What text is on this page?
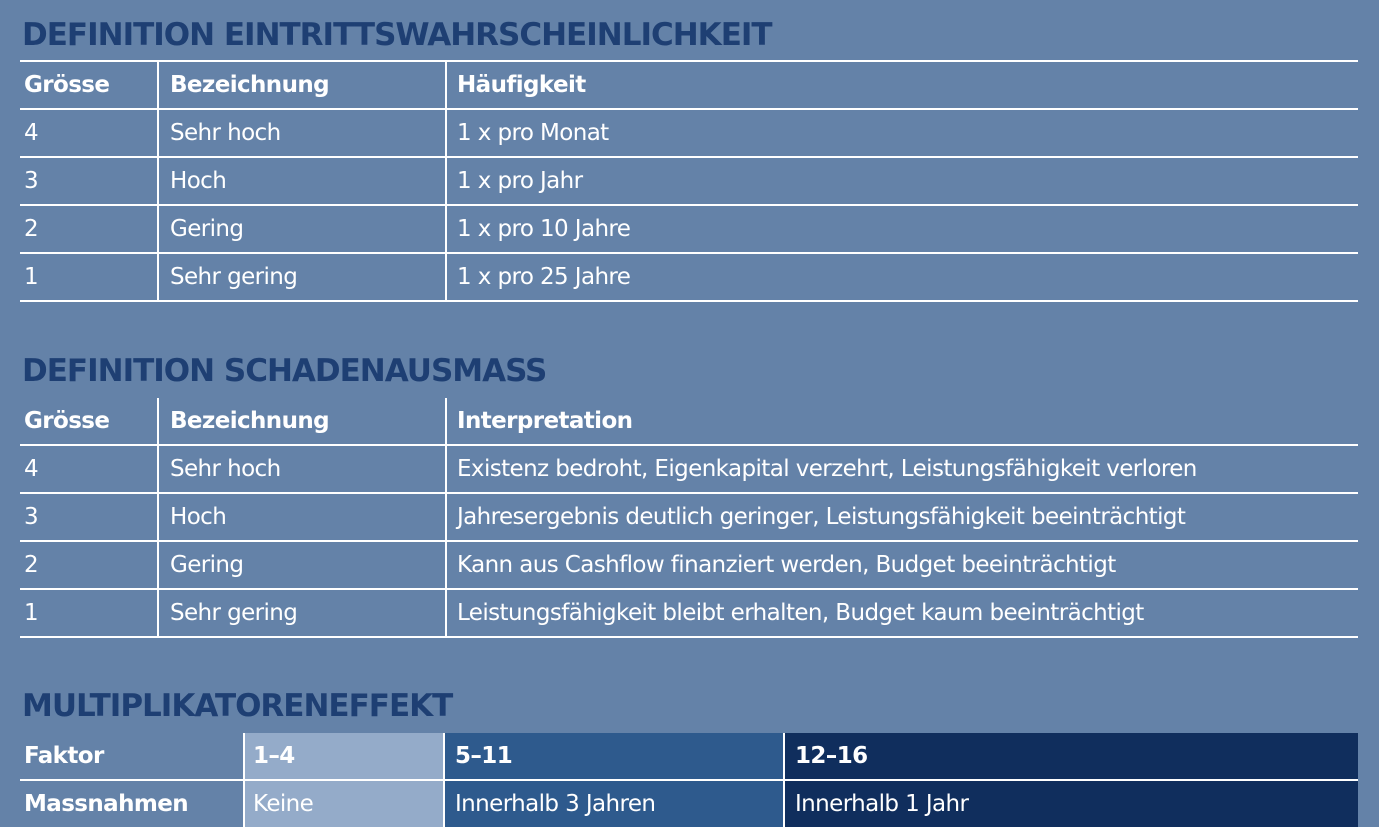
DEFINITION EINTRITTSWAHRSCHEINLICHKEIT
Grösse	Bezeichnung	Häufigkeit
4	Sehr hoch	1 x pro Monat
3	Hoch	1 x pro Jahr
2	Gering	1 x pro 10 Jahre
1	Sehr gering	1 x pro 25 Jahre
DEFINITION SCHADENAUSMASS
Grösse	Bezeichnung	Interpretation
4	Sehr hoch	Existenz bedroht, Eigenkapital verzehrt, Leistungsfähigkeit verloren
3	Hoch	Jahresergebnis deutlich geringer, Leistungsfähigkeit beeinträchtigt
2	Gering	Kann aus Cashflow finanziert werden, Budget beeinträchtigt
1	Sehr gering	Leistungsfähigkeit bleibt erhalten, Budget kaum beeinträchtigt
MULTIPLIKATORENEFFEKT
Faktor	1–4	5–11	12–16
Massnahmen	Keine	Innerhalb 3 Jahren	Innerhalb 1 Jahr
